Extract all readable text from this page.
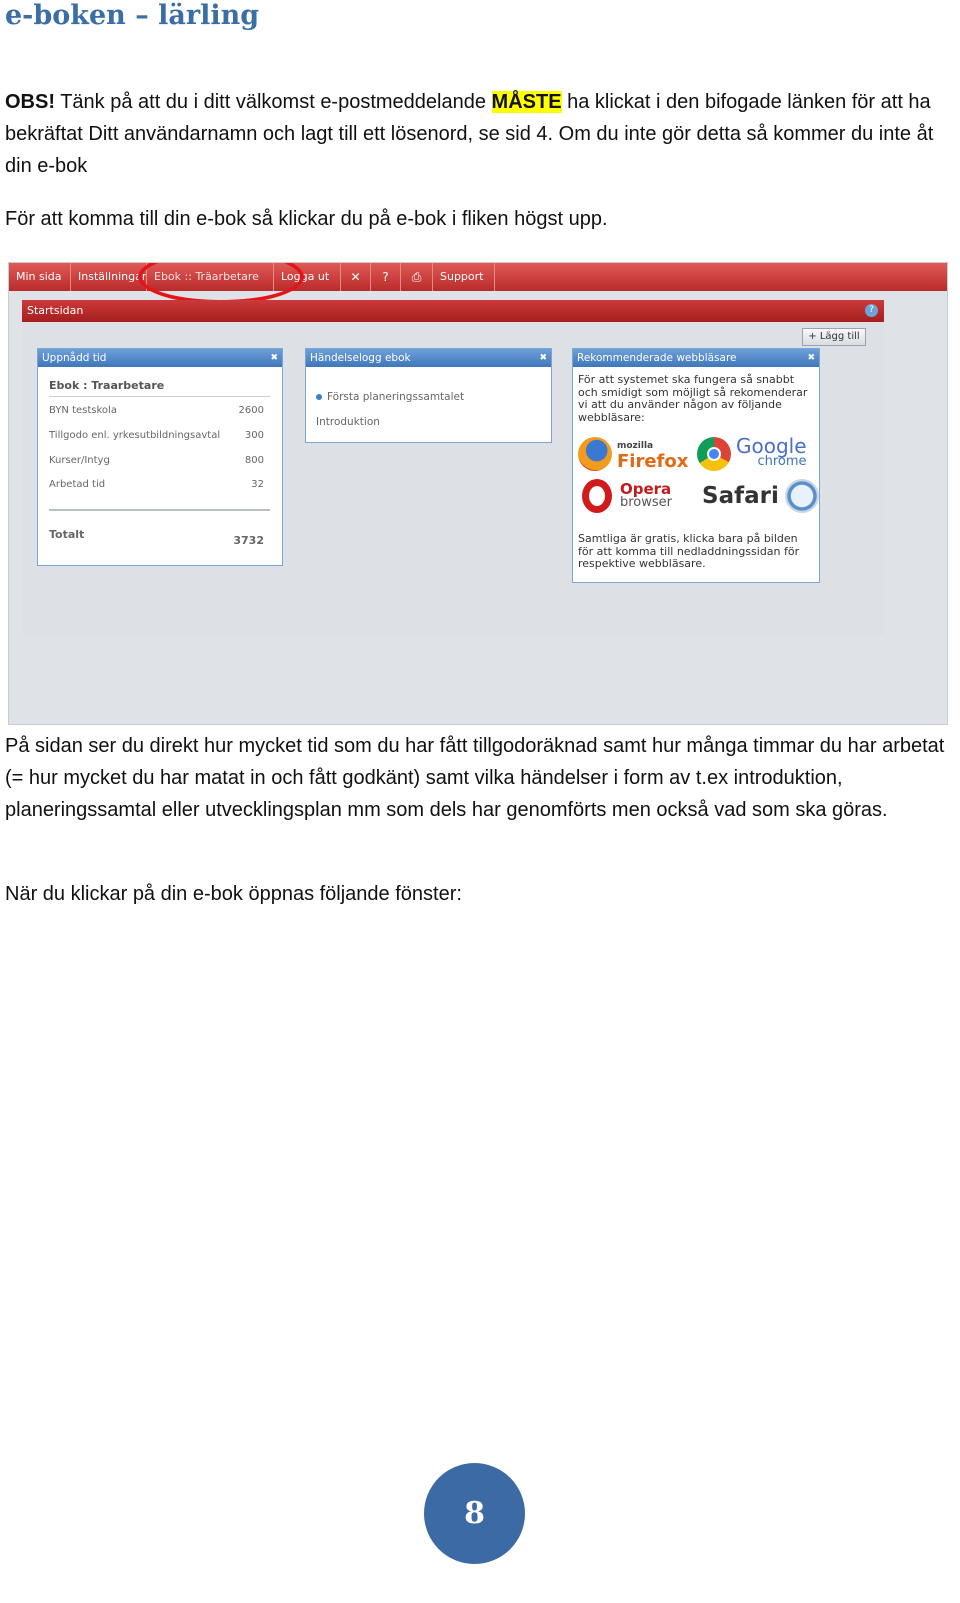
e-boken – lärling

OBS! Tänk på att du i ditt välkomst e-postmeddelande MÅSTE ha klickat i den bifogade länken för att ha bekräftat Ditt användarnamn och lagt till ett lösenord, se sid 4. Om du inte gör detta så kommer du inte åt din e-bok

För att komma till din e-bok så klickar du på e-bok i fliken högst upp.

Min sida	Inställningar Ebok :: Träarbetare	Logga ut	✕	?	⎙	Support
Startsidan	?
+ Lägg till
Uppnådd tid	✖
Ebok : Traarbetare
BYN testskola	2600
Tillgodo enl. yrkesutbildningsavtal 300
Kurser/Intyg	800
Arbetad tid	32
Totalt	3732
Händelselogg ebok	✖
Första planeringssamtalet
Introduktion
Rekommenderade webbläsare	✖
För att systemet ska fungera så snabbt och smidigt som möjligt så rekomenderar vi att du använder någon av följande webbläsare:
mozilla
Firefox
Google
chrome
Opera
browser Safari
Samtliga är gratis, klicka bara på bilden för att komma till nedladdningssidan för respektive webbläsare.

På sidan ser du direkt hur mycket tid som du har fått tillgodoräknad samt hur många timmar du har arbetat (= hur mycket du har matat in och fått godkänt) samt vilka händelser i form av t.ex introduktion, planeringssamtal eller utvecklingsplan mm som dels har genomförts men också vad som ska göras.

När du klickar på din e-bok öppnas följande fönster:

8
